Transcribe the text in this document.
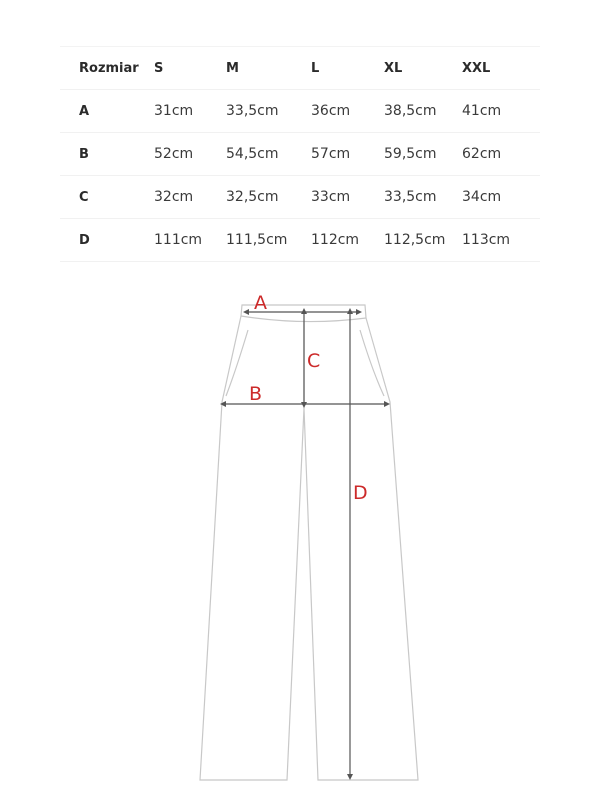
Rozmiar	S	M	L	XL	XXL
A	31cm	33,5cm	36cm	38,5cm	41cm
B	52cm	54,5cm	57cm	59,5cm	62cm
C	32cm	32,5cm	33cm	33,5cm	34cm
D	111cm	111,5cm	112cm	112,5cm	113cm
A
B
C
D
